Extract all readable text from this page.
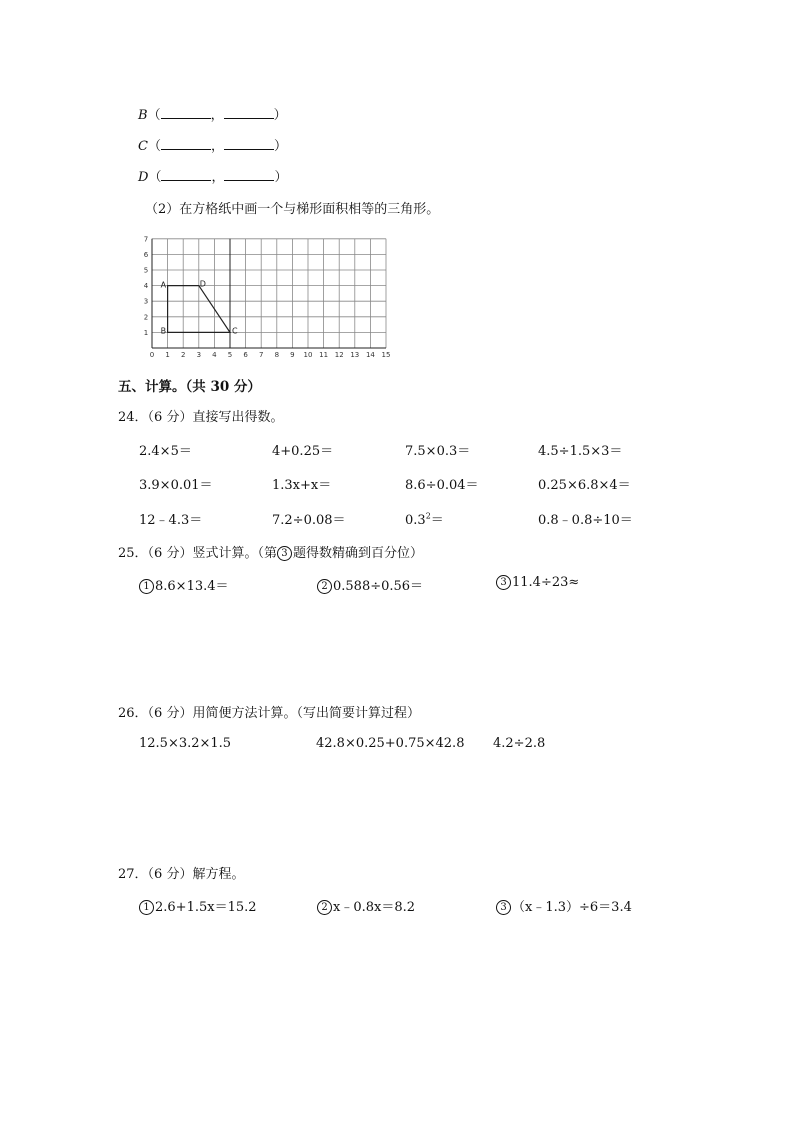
B（	，	）
C（	，	）
D（	，	）
（2）在方格纸中画一个与梯形面积相等的三角形。
0 1 2 3 4 5 6 7 8 9 10 11 12 13 14 15
1
2
3
4
5
6
7
A	D
C
B
五、计算。（共 30 分）
24．（6 分）直接写出得数。
2.4×5＝	4+0.25＝	7.5×0.3＝	4.5÷1.5×3＝
3.9×0.01＝	1.3x+x＝	8.6÷0.04＝	0.25×6.8×4＝
12﹣4.3＝	7.2÷0.08＝	$0.3^2=$	0.8﹣0.8÷10＝
25．（6 分）竖式计算。（第 3 题得数精确到百分位）
1 8.6×13.4＝	2 0.588÷0.56＝	3 11.4÷23≈
26．（6 分）用简便方法计算。（写出简要计算过程）
12.5×3.2×1.5	42.8×0.25+0.75×42.8 4.2÷2.8
27．（6 分）解方程。
1 2.6+1.5x＝15.2	2 x﹣0.8x＝8.2	3 （x﹣1.3）÷6＝3.4
